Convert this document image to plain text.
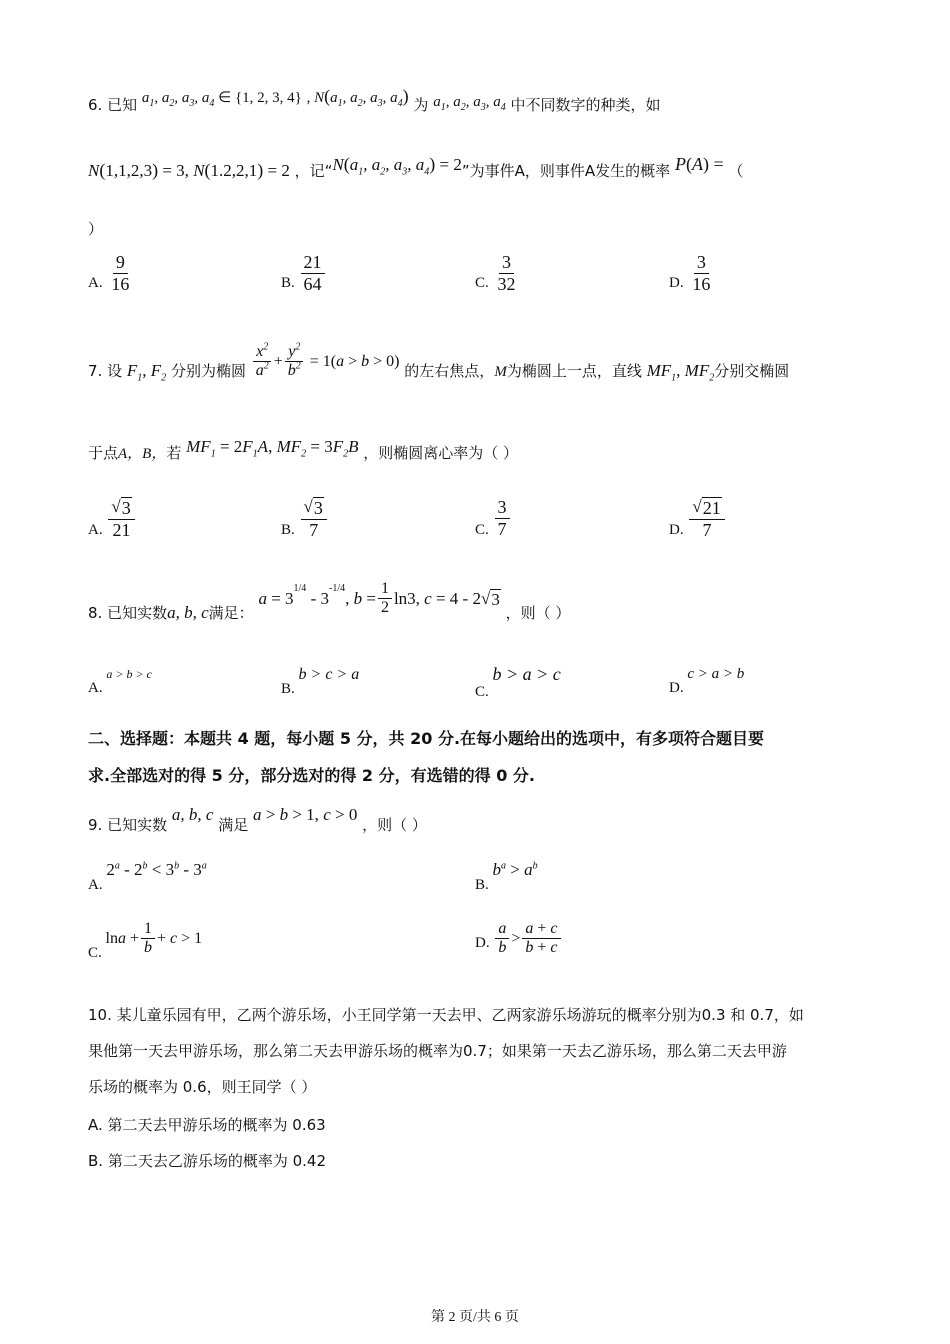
6. 已知 $a_1$, $a_2$, $a_3$, $a_4$ ∈ {1, 2, 3, 4} , $N(a_1$, $a_2$, $a_3$, $a_4$) 为 $a_1$, $a_2$, $a_3$, $a_4$ 中不同数字的种类，如
N(1,1,2,3) = 3, N(1.2,2,1) = 2 ，记“$N(a_1$, $a_2$, $a_3$, $a_4) = 2$”为事件A，则事件A发生的概率 P(A) = （
）
A. $\frac{9}{16}$	B. $\frac{21}{64}$	C. $\frac{3}{32}$	D. $\frac{3}{16}$
7. 设 $F_1$, $F_2$ 分别为椭圆 $\frac{x^2}{a^2} + \frac{y^2}{b^2} = 1(a > b > 0)$
的左右焦点，M为椭圆上一点，直线 $MF_1$, $MF_2$分别交椭圆
于点A，B，若 $MF_1 = 2F_1A$, $MF_2 = 3F_2B$ ，则椭圆离心率为（ ）
A. $\frac{√ 3}{21}$	B. $\frac{√ 3}{7}$	C. $\frac{3}{7}$	D. $\frac{√ 21}{7}$
8. 已知实数a, b, c满足：
a = 3
$^{1/4}$
- 3
$^{-1/4}$
, $b = \frac{1}{2} \ln 3$, c = 4 - 2 √ 3
，则（ ）
A. a > b > c
B. b > c > a
C. b > a > c
D. c > a > b
二、选择题：本题共 4 题，每小题 5 分，共 20 分.在每小题给出的选项中，有多项符合题目要
求.全部选对的得 5 分，部分选对的得 2 分，有选错的得 0 分.
9. 已知实数 a, b, c 满足 a > b > 1, c > 0 ，则（ ）
A. $2^a - 2^b < 3^b - 3^a$
B. $b^a > a^b$
C. $\ln a + \frac{1}{b} + c > 1$	D. $\frac{a}{b} > \frac{a + c}{b + c}$
10. 某儿童乐园有甲，乙两个游乐场，小王同学第一天去甲、乙两家游乐场游玩的概率分别为0.3 和 0.7，如
果他第一天去甲游乐场，那么第二天去甲游乐场的概率为0.7；如果第一天去乙游乐场，那么第二天去甲游
乐场的概率为 0.6，则王同学（ ）
A. 第二天去甲游乐场的概率为 0.63
B. 第二天去乙游乐场的概率为 0.42
第 2 页/共 6 页
